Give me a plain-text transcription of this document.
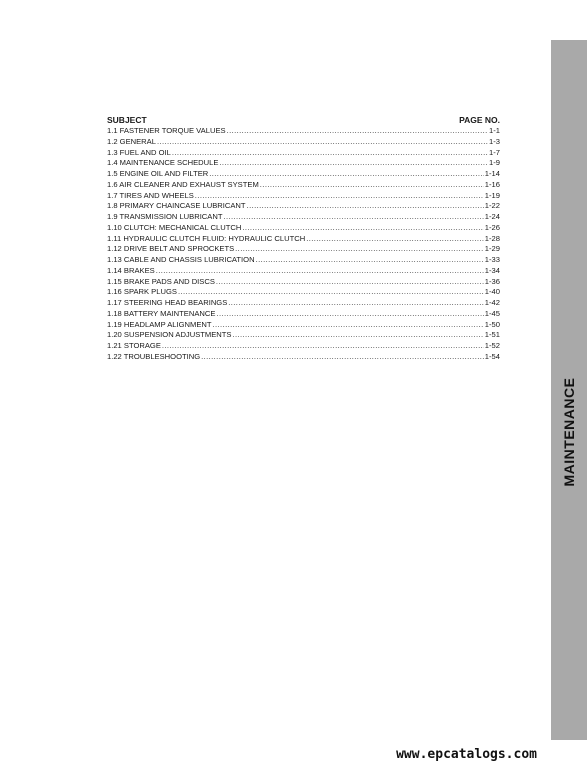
SUBJECT	PAGE NO.
1.1 FASTENER TORQUE VALUES .....	1-1
1.2 GENERAL .....	1-3
1.3 FUEL AND OIL .....	1-7
1.4 MAINTENANCE SCHEDULE .....	1-9
1.5 ENGINE OIL AND FILTER .....	1-14
1.6 AIR CLEANER AND EXHAUST SYSTEM .....	1-16
1.7 TIRES AND WHEELS .....	1-19
1.8 PRIMARY CHAINCASE LUBRICANT .....	1-22
1.9 TRANSMISSION LUBRICANT .....	1-24
1.10 CLUTCH: MECHANICAL CLUTCH .....	1-26
1.11 HYDRAULIC CLUTCH FLUID: HYDRAULIC CLUTCH .....	1-28
1.12 DRIVE BELT AND SPROCKETS .....	1-29
1.13 CABLE AND CHASSIS LUBRICATION .....	1-33
1.14 BRAKES .....	1-34
1.15 BRAKE PADS AND DISCS .....	1-36
1.16 SPARK PLUGS .....	1-40
1.17 STEERING HEAD BEARINGS .....	1-42
1.18 BATTERY MAINTENANCE .....	1-45
1.19 HEADLAMP ALIGNMENT .....	1-50
1.20 SUSPENSION ADJUSTMENTS .....	1-51
1.21 STORAGE .....	1-52
1.22 TROUBLESHOOTING .....	1-54
MAINTENANCE
www.epcatalogs.com
